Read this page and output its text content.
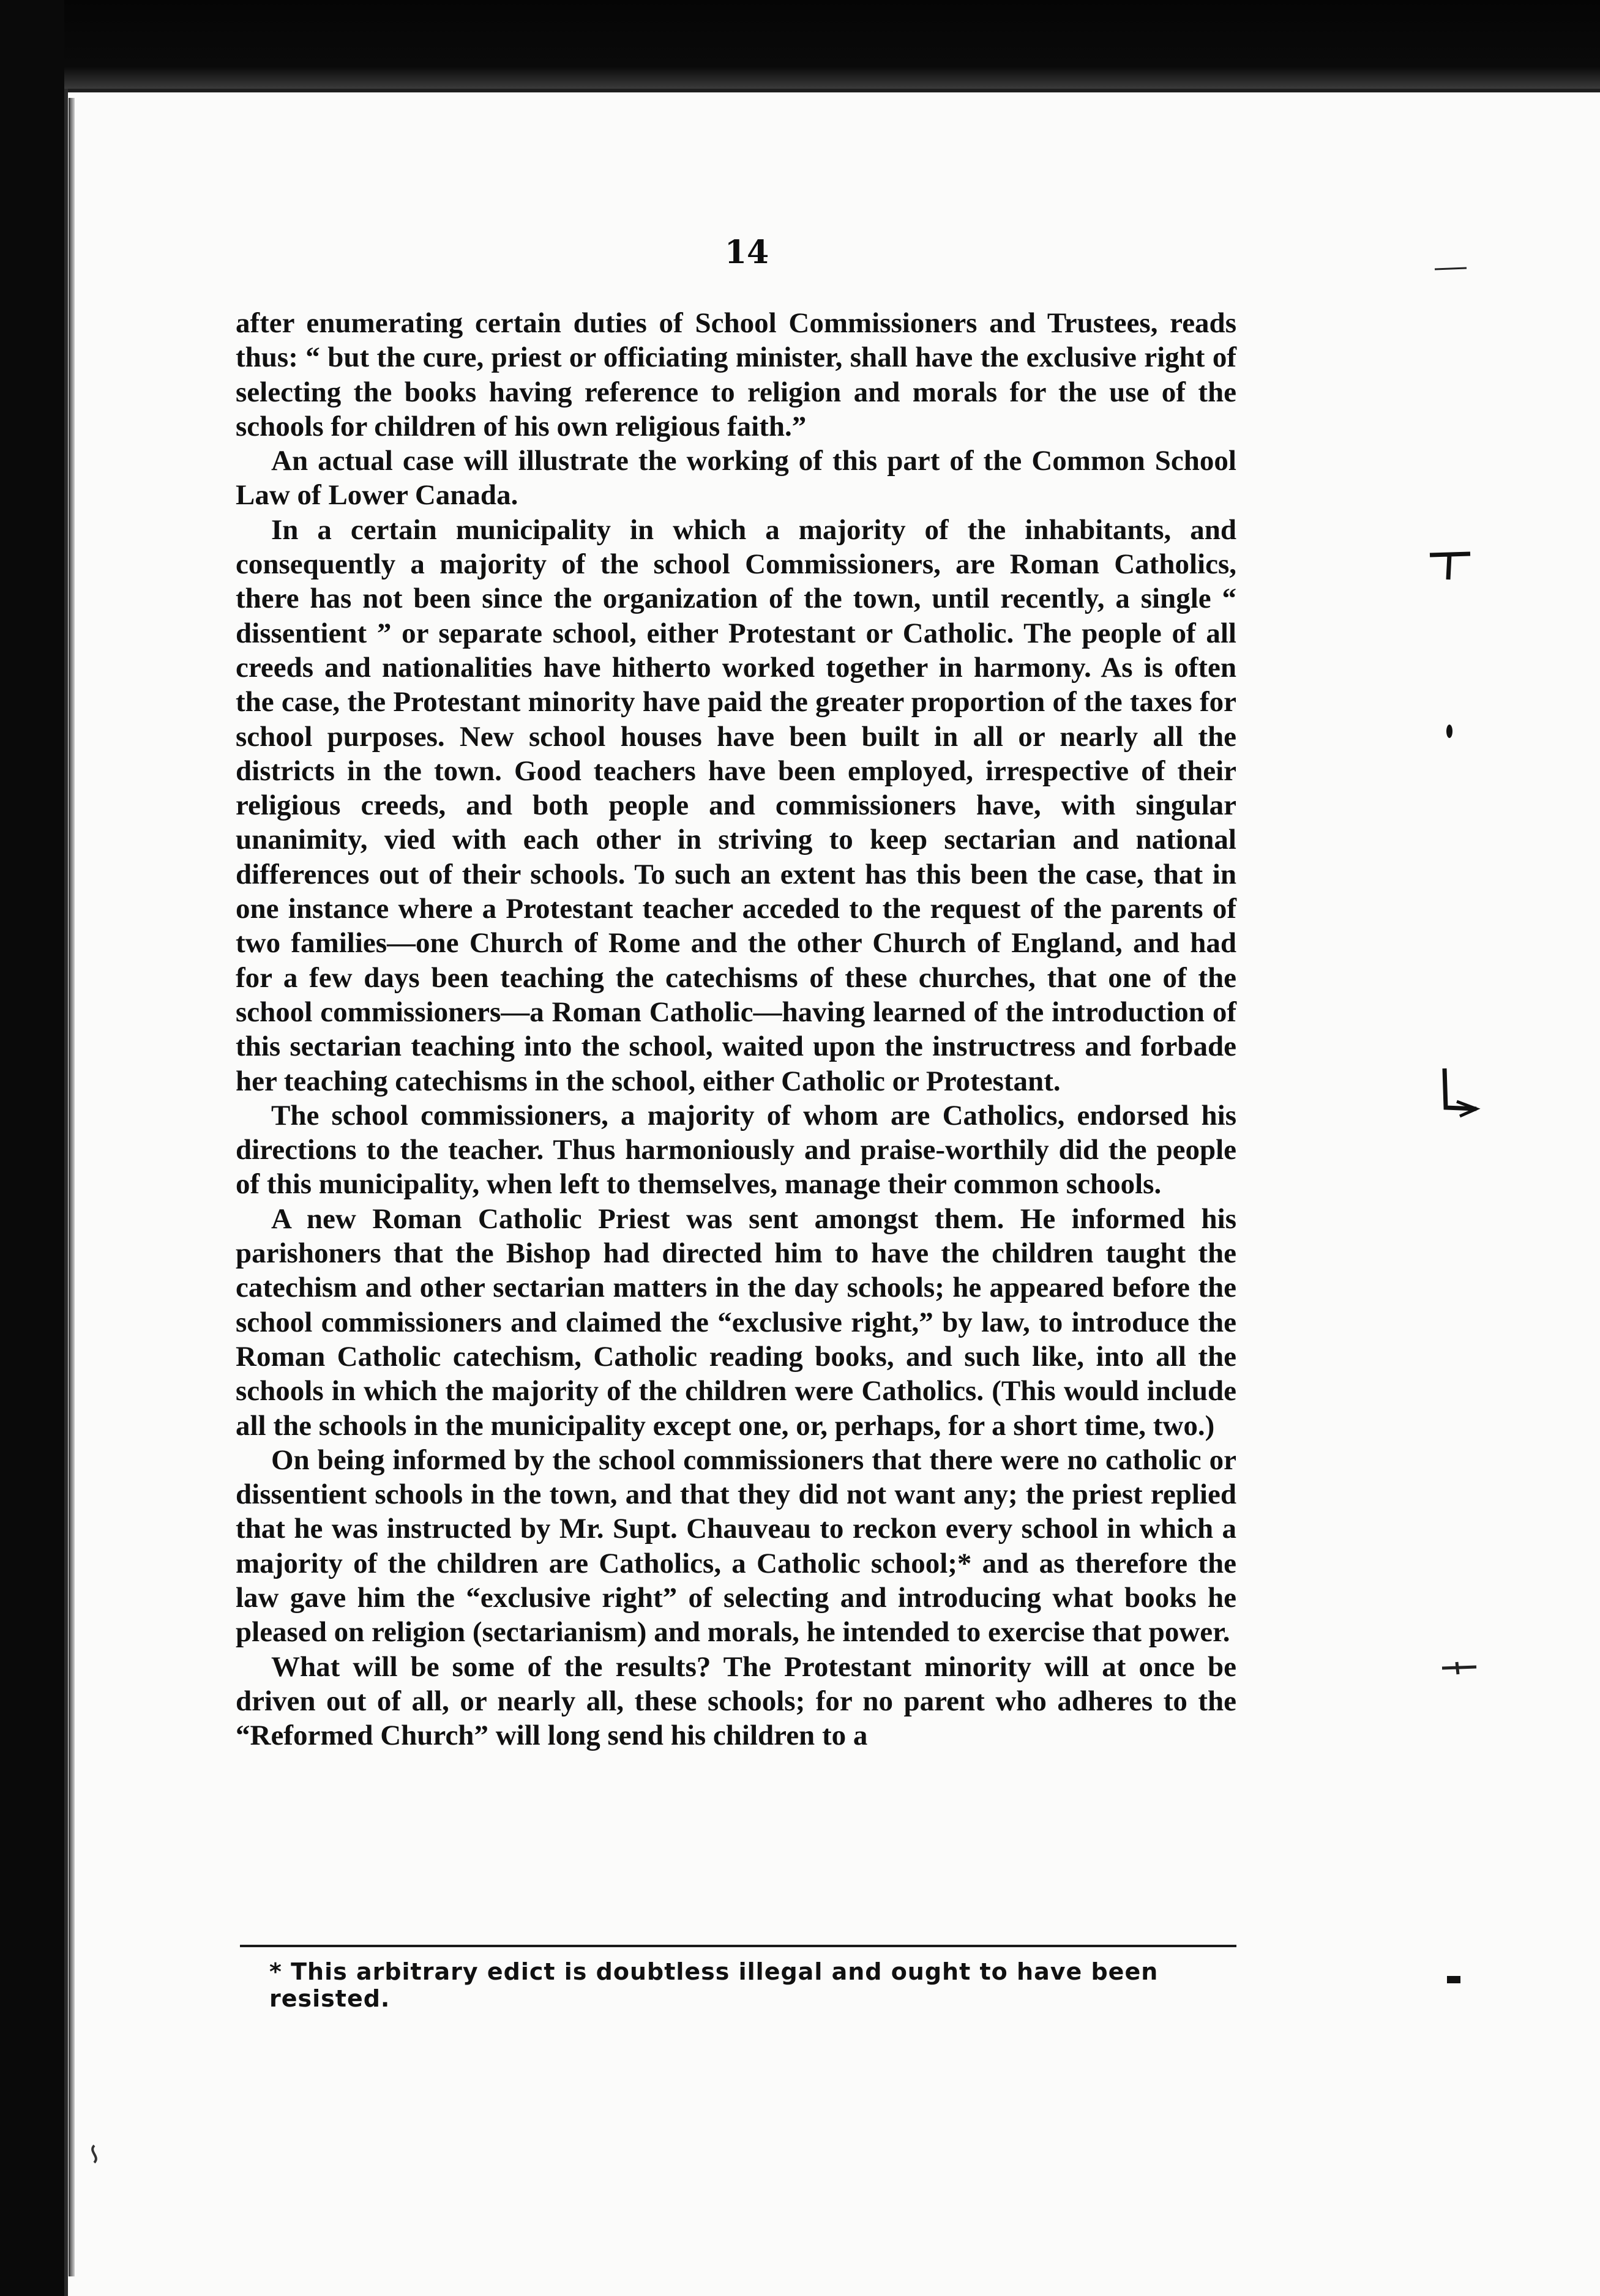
14

after enumerating certain duties of School Commissioners and Trustees, reads thus: “ but the cure, priest or officiating minister, shall have the exclusive right of selecting the books having reference to religion and morals for the use of the schools for children of his own religious faith.”

An actual case will illustrate the working of this part of the Common School Law of Lower Canada.

In a certain municipality in which a majority of the inhabitants, and consequently a majority of the school Commissioners, are Roman Catholics, there has not been since the organization of the town, until recently, a single “ dissentient ” or separate school, either Protestant or Catholic. The people of all creeds and nationalities have hitherto worked together in harmony. As is often the case, the Protestant minority have paid the greater proportion of the taxes for school purposes. New school houses have been built in all or nearly all the districts in the town. Good teachers have been employed, irrespective of their religious creeds, and both people and commissioners have, with singular unanimity, vied with each other in striving to keep sectarian and national differences out of their schools. To such an extent has this been the case, that in one instance where a Protestant teacher acceded to the request of the parents of two families—one Church of Rome and the other Church of England, and had for a few days been teaching the catechisms of these churches, that one of the school commissioners—a Roman Catholic—having learned of the introduction of this sectarian teaching into the school, waited upon the instructress and forbade her teaching catechisms in the school, either Catholic or Protestant.

The school commissioners, a majority of whom are Catholics, endorsed his directions to the teacher. Thus harmoniously and praise-worthily did the people of this municipality, when left to themselves, manage their common schools.

A new Roman Catholic Priest was sent amongst them. He informed his parishoners that the Bishop had directed him to have the children taught the catechism and other sectarian matters in the day schools; he appeared before the school commissioners and claimed the “exclusive right,” by law, to introduce the Roman Catholic catechism, Catholic reading books, and such like, into all the schools in which the majority of the children were Catholics. (This would include all the schools in the municipality except one, or, perhaps, for a short time, two.)

On being informed by the school commissioners that there were no catholic or dissentient schools in the town, and that they did not want any; the priest replied that he was instructed by Mr. Supt. Chauveau to reckon every school in which a majority of the children are Catholics, a Catholic school;* and as therefore the law gave him the “exclusive right” of selecting and introducing what books he pleased on religion (sectarianism) and morals, he intended to exercise that power.

What will be some of the results? The Protestant minority will at once be driven out of all, or nearly all, these schools; for no parent who adheres to the “Reformed Church” will long send his children to a

* This arbitrary edict is doubtless illegal and ought to have been resisted.
